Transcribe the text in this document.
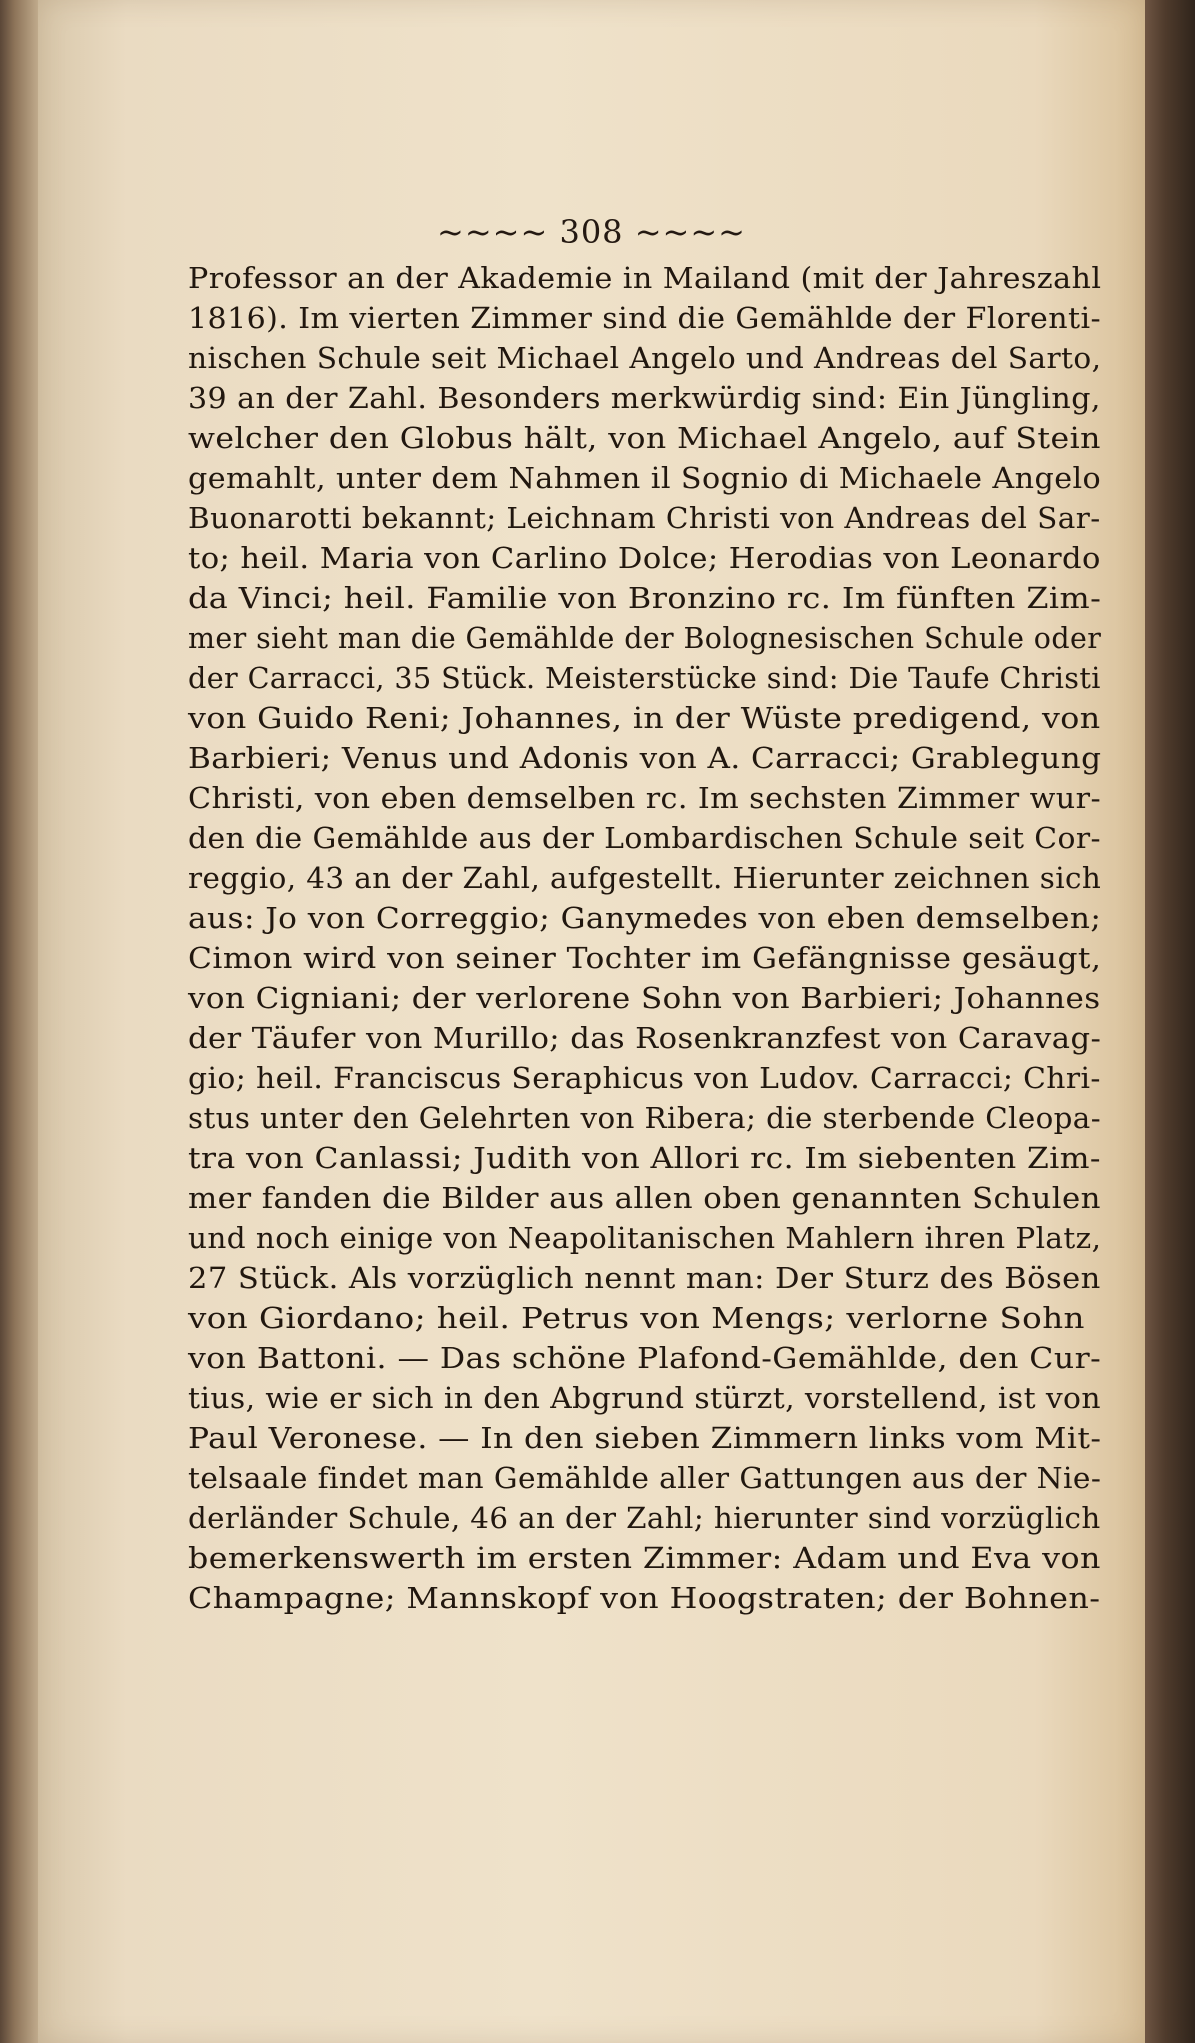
~~~~ 308 ~~~~
Professor an der Akademie in Mailand (mit der Jahreszahl
1816). Im vierten Zimmer sind die Gemählde der Florenti-
nischen Schule seit Michael Angelo und Andreas del Sarto,
39 an der Zahl. Besonders merkwürdig sind: Ein Jüngling,
welcher den Globus hält, von Michael Angelo, auf Stein
gemahlt, unter dem Nahmen il Sognio di Michaele Angelo
Buonarotti bekannt; Leichnam Christi von Andreas del Sar-
to; heil. Maria von Carlino Dolce; Herodias von Leonardo
da Vinci; heil. Familie von Bronzino rc. Im fünften Zim-
mer sieht man die Gemählde der Bolognesischen Schule oder
der Carracci, 35 Stück. Meisterstücke sind: Die Taufe Christi
von Guido Reni; Johannes, in der Wüste predigend, von
Barbieri; Venus und Adonis von A. Carracci; Grablegung
Christi, von eben demselben rc. Im sechsten Zimmer wur-
den die Gemählde aus der Lombardischen Schule seit Cor-
reggio, 43 an der Zahl, aufgestellt. Hierunter zeichnen sich
aus: Jo von Correggio; Ganymedes von eben demselben;
Cimon wird von seiner Tochter im Gefängnisse gesäugt,
von Cigniani; der verlorene Sohn von Barbieri; Johannes
der Täufer von Murillo; das Rosenkranzfest von Caravag-
gio; heil. Franciscus Seraphicus von Ludov. Carracci; Chri-
stus unter den Gelehrten von Ribera; die sterbende Cleopa-
tra von Canlassi; Judith von Allori rc. Im siebenten Zim-
mer fanden die Bilder aus allen oben genannten Schulen
und noch einige von Neapolitanischen Mahlern ihren Platz,
27 Stück. Als vorzüglich nennt man: Der Sturz des Bösen
von Giordano; heil. Petrus von Mengs; verlorne Sohn
von Battoni. — Das schöne Plafond-Gemählde, den Cur-
tius, wie er sich in den Abgrund stürzt, vorstellend, ist von
Paul Veronese. — In den sieben Zimmern links vom Mit-
telsaale findet man Gemählde aller Gattungen aus der Nie-
derländer Schule, 46 an der Zahl; hierunter sind vorzüglich
bemerkenswerth im ersten Zimmer: Adam und Eva von
Champagne; Mannskopf von Hoogstraten; der Bohnen-
